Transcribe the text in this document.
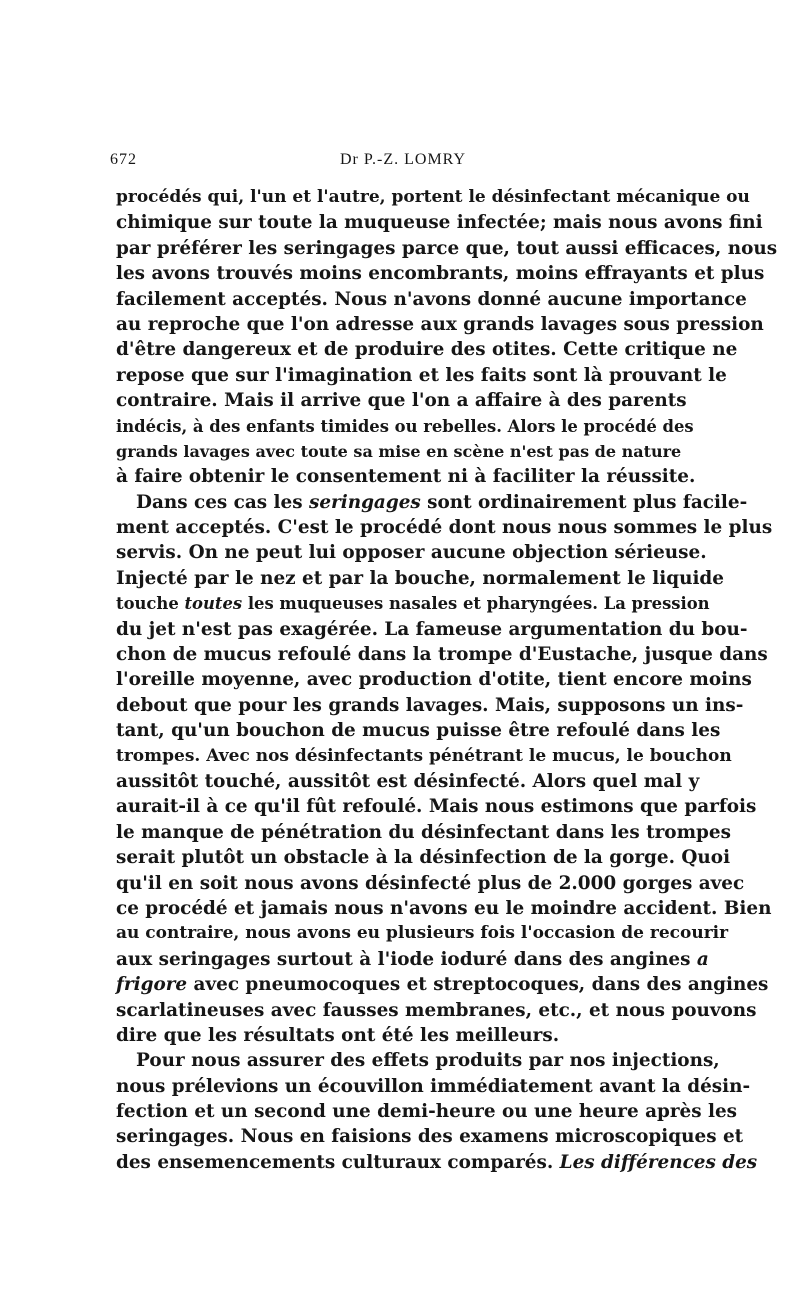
672	Dr P.-Z. LOMRY
procédés qui, l'un et l'autre, portent le désinfectant mécanique ou
chimique sur toute la muqueuse infectée; mais nous avons fini
par préférer les seringages parce que, tout aussi efficaces, nous
les avons trouvés moins encombrants, moins effrayants et plus
facilement acceptés. Nous n'avons donné aucune importance
au reproche que l'on adresse aux grands lavages sous pression
d'être dangereux et de produire des otites. Cette critique ne
repose que sur l'imagination et les faits sont là prouvant le
contraire. Mais il arrive que l'on a affaire à des parents
indécis, à des enfants timides ou rebelles. Alors le procédé des
grands lavages avec toute sa mise en scène n'est pas de nature
à faire obtenir le consentement ni à faciliter la réussite.
Dans ces cas les seringages sont ordinairement plus facile-
ment acceptés. C'est le procédé dont nous nous sommes le plus
servis. On ne peut lui opposer aucune objection sérieuse.
Injecté par le nez et par la bouche, normalement le liquide
touche toutes les muqueuses nasales et pharyngées. La pression
du jet n'est pas exagérée. La fameuse argumentation du bou-
chon de mucus refoulé dans la trompe d'Eustache, jusque dans
l'oreille moyenne, avec production d'otite, tient encore moins
debout que pour les grands lavages. Mais, supposons un ins-
tant, qu'un bouchon de mucus puisse être refoulé dans les
trompes. Avec nos désinfectants pénétrant le mucus, le bouchon
aussitôt touché, aussitôt est désinfecté. Alors quel mal y
aurait-il à ce qu'il fût refoulé. Mais nous estimons que parfois
le manque de pénétration du désinfectant dans les trompes
serait plutôt un obstacle à la désinfection de la gorge. Quoi
qu'il en soit nous avons désinfecté plus de 2.000 gorges avec
ce procédé et jamais nous n'avons eu le moindre accident. Bien
au contraire, nous avons eu plusieurs fois l'occasion de recourir
aux seringages surtout à l'iode ioduré dans des angines a
frigore avec pneumocoques et streptocoques, dans des angines
scarlatineuses avec fausses membranes, etc., et nous pouvons
dire que les résultats ont été les meilleurs.
Pour nous assurer des effets produits par nos injections,
nous prélevions un écouvillon immédiatement avant la désin-
fection et un second une demi-heure ou une heure après les
seringages. Nous en faisions des examens microscopiques et
des ensemencements culturaux comparés. Les différences des
